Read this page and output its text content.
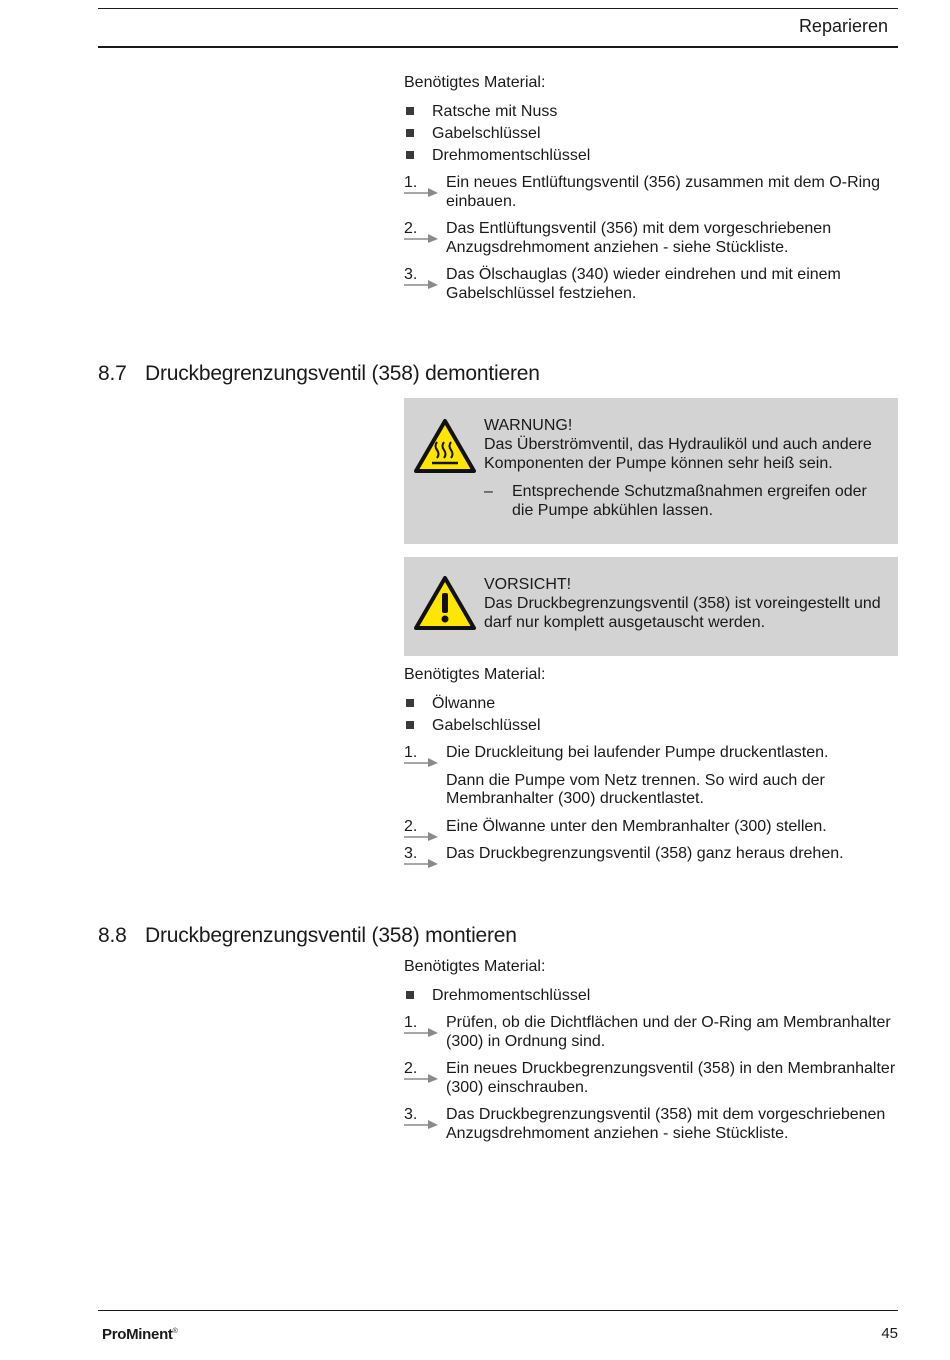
Reparieren
Benötigtes Material:
Ratsche mit Nuss
Gabelschlüssel
Drehmomentschlüssel
1. Ein neues Entlüftungsventil (356) zusammen mit dem O-Ring einbauen.
2. Das Entlüftungsventil (356) mit dem vorgeschriebenen Anzugsdrehmoment anziehen - siehe Stückliste.
3. Das Ölschauglas (340) wieder eindrehen und mit einem Gabelschlüssel festziehen.
8.7 Druckbegrenzungsventil (358) demontieren
WARNUNG!
Das Überströmventil, das Hydrauliköl und auch andere Komponenten der Pumpe können sehr heiß sein.
– Entsprechende Schutzmaßnahmen ergreifen oder die Pumpe abkühlen lassen.
VORSICHT!
Das Druckbegrenzungsventil (358) ist voreingestellt und darf nur komplett ausgetauscht werden.
Benötigtes Material:
Ölwanne
Gabelschlüssel
1. Die Druckleitung bei laufender Pumpe druckentlasten.
Dann die Pumpe vom Netz trennen. So wird auch der Membranhalter (300) druckentlastet.
2. Eine Ölwanne unter den Membranhalter (300) stellen.
3. Das Druckbegrenzungsventil (358) ganz heraus drehen.
8.8 Druckbegrenzungsventil (358) montieren
Benötigtes Material:
Drehmomentschlüssel
1. Prüfen, ob die Dichtflächen und der O-Ring am Membranhalter (300) in Ordnung sind.
2. Ein neues Druckbegrenzungsventil (358) in den Membranhalter (300) einschrauben.
3. Das Druckbegrenzungsventil (358) mit dem vorgeschriebenen Anzugsdrehmoment anziehen - siehe Stückliste.
ProMinent®	45
